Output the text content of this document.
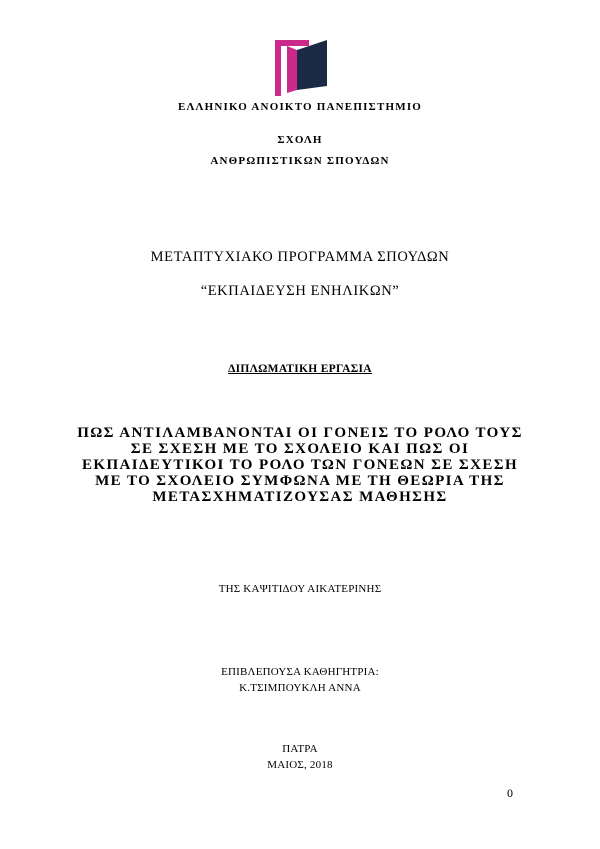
ΕΛΛΗΝΙΚΟ ΑΝΟΙΚΤΟ ΠΑΝΕΠΙΣΤΗΜΙΟ
ΣΧΟΛΗ
ΑΝΘΡΩΠΙΣΤΙΚΩΝ ΣΠΟΥΔΩΝ
ΜΕΤΑΠΤΥΧΙΑΚΟ ΠΡΟΓΡΑΜΜΑ ΣΠΟΥΔΩΝ
“ΕΚΠΑΙΔΕΥΣΗ ΕΝΗΛΙΚΩΝ”
ΔΙΠΛΩΜΑΤΙΚΗ ΕΡΓΑΣΙΑ
ΠΩΣ ΑΝΤΙΛΑΜΒΑΝΟΝΤΑΙ ΟΙ ΓΟΝΕΙΣ ΤΟ ΡΟΛΟ ΤΟΥΣ
ΣΕ ΣΧΕΣΗ ΜΕ ΤΟ ΣΧΟΛΕΙΟ ΚΑΙ ΠΩΣ ΟΙ
ΕΚΠΑΙΔΕΥΤΙΚΟΙ ΤΟ ΡΟΛΟ ΤΩΝ ΓΟΝΕΩΝ ΣΕ ΣΧΕΣΗ
ΜΕ ΤΟ ΣΧΟΛΕΙΟ ΣΥΜΦΩΝΑ ΜΕ ΤΗ ΘΕΩΡΙΑ ΤΗΣ
ΜΕΤΑΣΧΗΜΑΤΙΖΟΥΣΑΣ ΜΑΘΗΣΗΣ
ΤΗΣ ΚΑΨΙΤΙΔΟΥ ΑΙΚΑΤΕΡΙΝΗΣ
ΕΠΙΒΛΕΠΟΥΣΑ ΚΑΘΗΓΗΤΡΙΑ:
Κ.ΤΣΙΜΠΟΥΚΛΗ ΑΝΝΑ
ΠΑΤΡΑ
ΜΑΙΟΣ, 2018
0
